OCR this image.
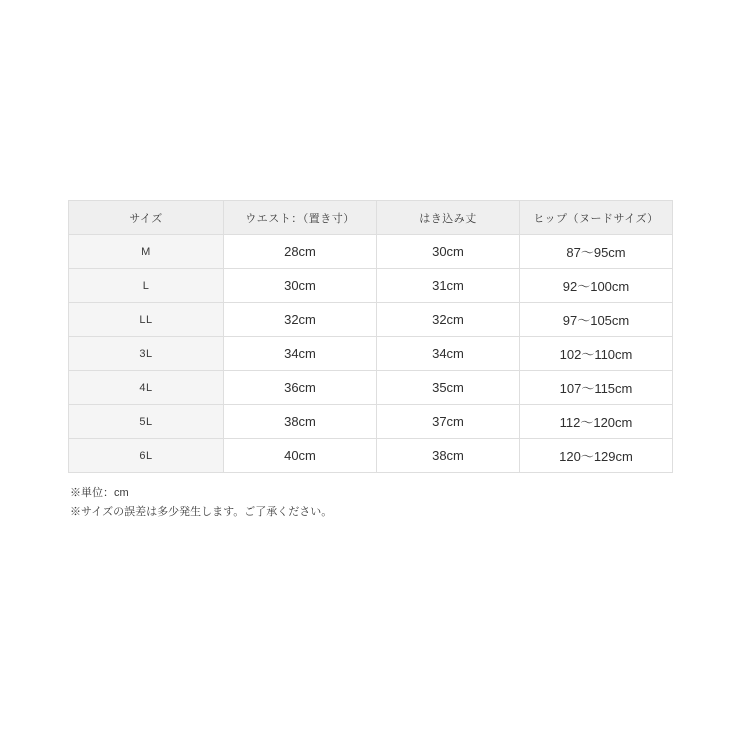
サイズ	ウエスト：（置き寸）	はき込み丈	ヒップ（ヌードサイズ）
M	28cm	30cm	87〜95cm
L	30cm	31cm	92〜100cm
LL	32cm	32cm	97〜105cm
3L	34cm	34cm	102〜110cm
4L	36cm	35cm	107〜115cm
5L	38cm	37cm	112〜120cm
6L	40cm	38cm	120〜129cm
※単位：cm
※サイズの誤差は多少発生します。ご了承ください。
